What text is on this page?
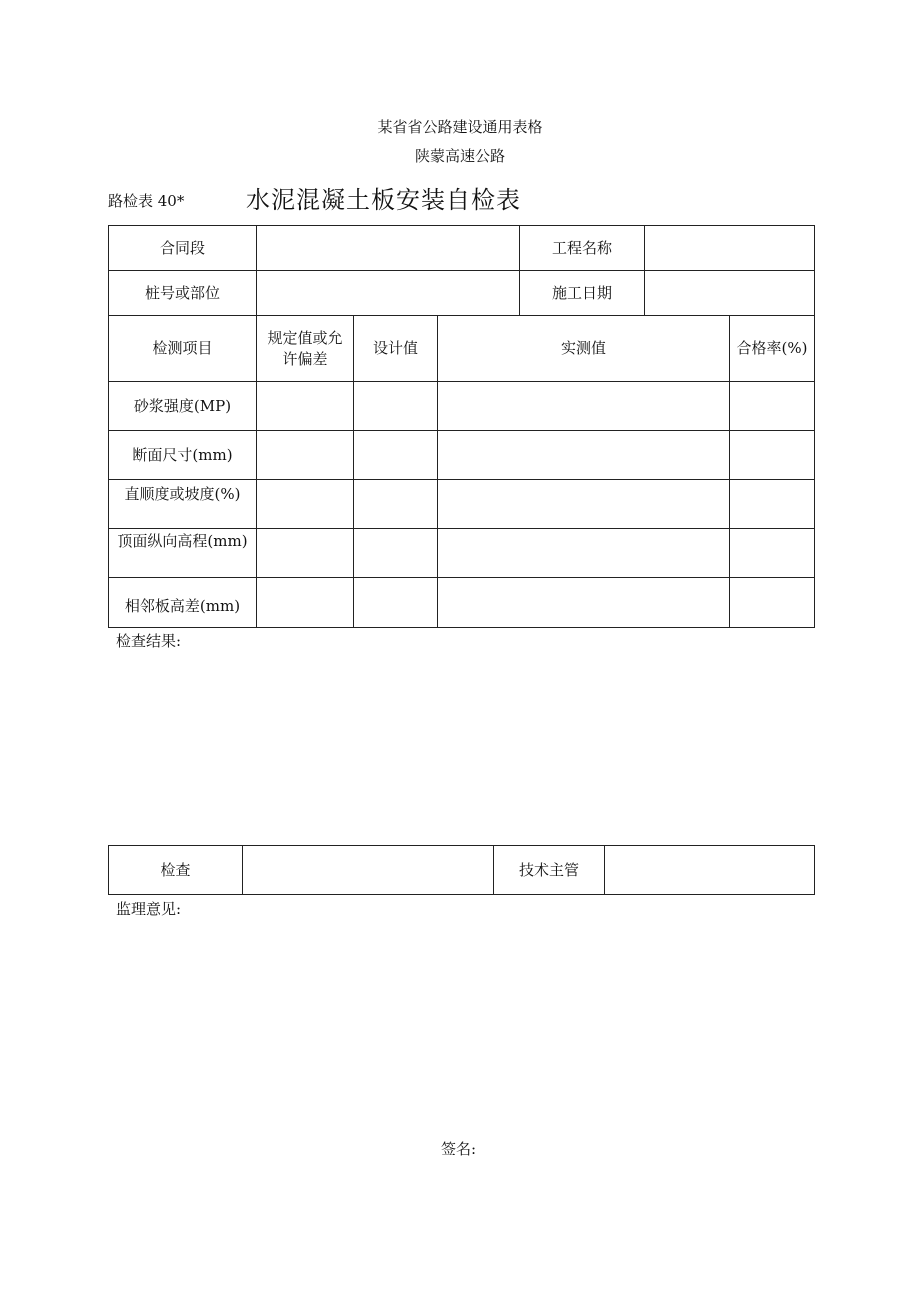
某省省公路建设通用表格
陕蒙高速公路
路检表 40*	水泥混凝土板安装自检表
合同段				工程名称		
桩号或部位				施工日期		
检测项目	规定值或允许偏差	设计值	实测值			合格率(%)
砂浆强度(MP)						
断面尺寸(mm)						
直顺度或坡度(%)						
顶面纵向高程(mm)						
相邻板高差(mm)						
检查结果:
检查		技术主管	
监理意见:
签名:
